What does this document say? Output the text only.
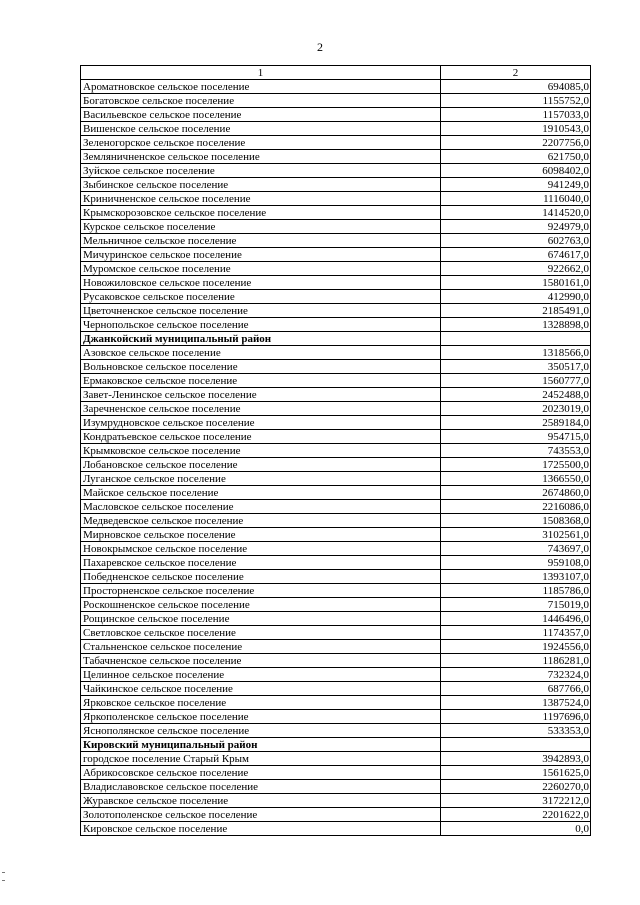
2
1	2
Ароматновское сельское поселение	694085,0
Богатовское сельское поселение	1155752,0
Васильевское сельское поселение	1157033,0
Вишенское сельское поселение	1910543,0
Зеленогорское сельское поселение	2207756,0
Земляничненское сельское поселение	621750,0
Зуйское сельское поселение	6098402,0
Зыбинское сельское поселение	941249,0
Криничненское сельское поселение	1116040,0
Крымскорозовское сельское поселение	1414520,0
Курское сельское поселение	924979,0
Мельничное сельское поселение	602763,0
Мичуринское сельское поселение	674617,0
Муромское сельское поселение	922662,0
Новожиловское сельское поселение	1580161,0
Русаковское сельское поселение	412990,0
Цветочненское сельское поселение	2185491,0
Чернопольское сельское поселение	1328898,0
Джанкойский муниципальный район	
Азовское сельское поселение	1318566,0
Вольновское сельское поселение	350517,0
Ермаковское сельское поселение	1560777,0
Завет-Ленинское сельское поселение	2452488,0
Заречненское сельское поселение	2023019,0
Изумрудновское сельское поселение	2589184,0
Кондратьевское сельское поселение	954715,0
Крымковское сельское поселение	743553,0
Лобановское сельское поселение	1725500,0
Луганское сельское поселение	1366550,0
Майское сельское поселение	2674860,0
Масловское сельское поселение	2216086,0
Медведевское сельское поселение	1508368,0
Мирновское сельское поселение	3102561,0
Новокрымское сельское поселение	743697,0
Пахаревское сельское поселение	959108,0
Победненское сельское поселение	1393107,0
Просторненское сельское поселение	1185786,0
Роскошненское сельское поселение	715019,0
Рощинское сельское поселение	1446496,0
Светловское сельское поселение	1174357,0
Стальненское сельское поселение	1924556,0
Табачненское сельское поселение	1186281,0
Целинное сельское поселение	732324,0
Чайкинское сельское поселение	687766,0
Ярковское сельское поселение	1387524,0
Яркополенское сельское поселение	1197696,0
Яснополянское сельское поселение	533353,0
Кировский муниципальный район	
городское поселение Старый Крым	3942893,0
Абрикосовское сельское поселение	1561625,0
Владиславовское сельское поселение	2260270,0
Журавское сельское поселение	3172212,0
Золотополенское сельское поселение	2201622,0
Кировское сельское поселение	0,0
